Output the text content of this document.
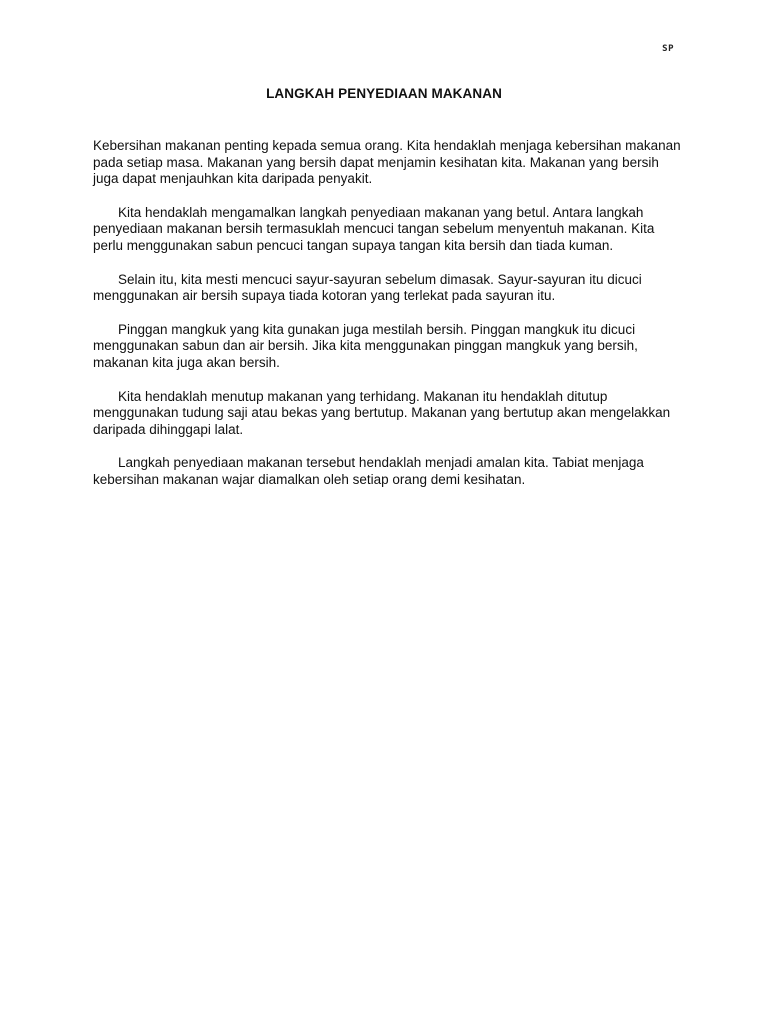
SP
LANGKAH PENYEDIAAN MAKANAN

Kebersihan makanan penting kepada semua orang. Kita hendaklah menjaga kebersihan makanan pada setiap masa. Makanan yang bersih dapat menjamin kesihatan kita. Makanan yang bersih juga dapat menjauhkan kita daripada penyakit.

Kita hendaklah mengamalkan langkah penyediaan makanan yang betul. Antara langkah penyediaan makanan bersih termasuklah mencuci tangan sebelum menyentuh makanan. Kita perlu menggunakan sabun pencuci tangan supaya tangan kita bersih dan tiada kuman.

Selain itu, kita mesti mencuci sayur-sayuran sebelum dimasak. Sayur-sayuran itu dicuci menggunakan air bersih supaya tiada kotoran yang terlekat pada sayuran itu.

Pinggan mangkuk yang kita gunakan juga mestilah bersih. Pinggan mangkuk itu dicuci menggunakan sabun dan air bersih. Jika kita menggunakan pinggan mangkuk yang bersih, makanan kita juga akan bersih.

Kita hendaklah menutup makanan yang terhidang. Makanan itu hendaklah ditutup menggunakan tudung saji atau bekas yang bertutup. Makanan yang bertutup akan mengelakkan daripada dihinggapi lalat.

Langkah penyediaan makanan tersebut hendaklah menjadi amalan kita. Tabiat menjaga kebersihan makanan wajar diamalkan oleh setiap orang demi kesihatan.
